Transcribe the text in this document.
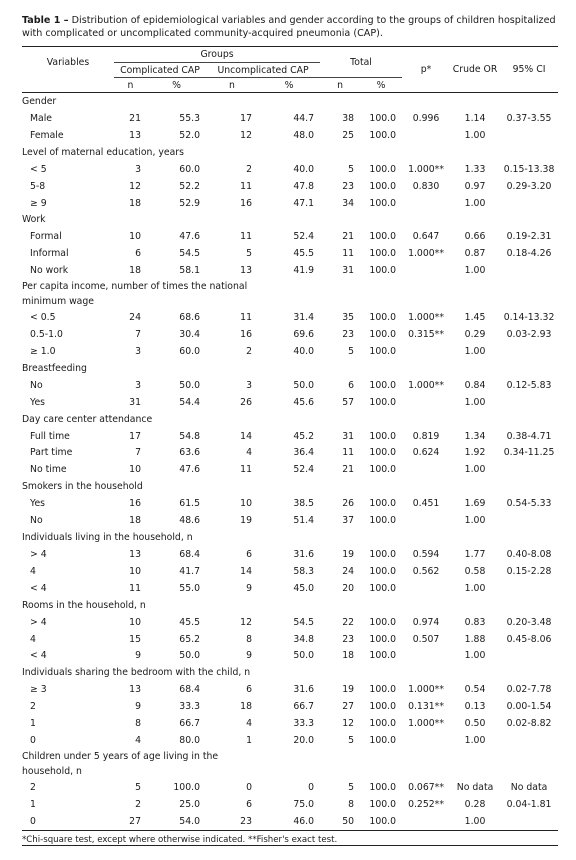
Table 1 – Distribution of epidemiological variables and gender according to the groups of children hospitalized with complicated or uncomplicated community-acquired pneumonia (CAP).

Variables	Groups				Total		p*	Crude OR	95% CI
	Complicated CAP		Uncomplicated CAP						
	n	%	n	%	n	%			
Gender									
Male	21	55.3	17	44.7	38	100.0	0.996	1.14	0.37-3.55
Female	13	52.0	12	48.0	25	100.0		1.00	
Level of maternal education, years									
< 5	3	60.0	2	40.0	5	100.0	1.000**	1.33	0.15-13.38
5-8	12	52.2	11	47.8	23	100.0	0.830	0.97	0.29-3.20
≥ 9	18	52.9	16	47.1	34	100.0		1.00	
Work									
Formal	10	47.6	11	52.4	21	100.0	0.647	0.66	0.19-2.31
Informal	6	54.5	5	45.5	11	100.0	1.000**	0.87	0.18-4.26
No work	18	58.1	13	41.9	31	100.0		1.00	
Per capita income, number of times the national minimum wage									
< 0.5	24	68.6	11	31.4	35	100.0	1.000**	1.45	0.14-13.32
0.5-1.0	7	30.4	16	69.6	23	100.0	0.315**	0.29	0.03-2.93
≥ 1.0	3	60.0	2	40.0	5	100.0		1.00	
Breastfeeding									
No	3	50.0	3	50.0	6	100.0	1.000**	0.84	0.12-5.83
Yes	31	54.4	26	45.6	57	100.0		1.00	
Day care center attendance									
Full time	17	54.8	14	45.2	31	100.0	0.819	1.34	0.38-4.71
Part time	7	63.6	4	36.4	11	100.0	0.624	1.92	0.34-11.25
No time	10	47.6	11	52.4	21	100.0		1.00	
Smokers in the household									
Yes	16	61.5	10	38.5	26	100.0	0.451	1.69	0.54-5.33
No	18	48.6	19	51.4	37	100.0		1.00	
Individuals living in the household, n									
> 4	13	68.4	6	31.6	19	100.0	0.594	1.77	0.40-8.08
4	10	41.7	14	58.3	24	100.0	0.562	0.58	0.15-2.28
< 4	11	55.0	9	45.0	20	100.0		1.00	
Rooms in the household, n									
> 4	10	45.5	12	54.5	22	100.0	0.974	0.83	0.20-3.48
4	15	65.2	8	34.8	23	100.0	0.507	1.88	0.45-8.06
< 4	9	50.0	9	50.0	18	100.0		1.00	
Individuals sharing the bedroom with the child, n									
≥ 3	13	68.4	6	31.6	19	100.0	1.000**	0.54	0.02-7.78
2	9	33.3	18	66.7	27	100.0	0.131**	0.13	0.00-1.54
1	8	66.7	4	33.3	12	100.0	1.000**	0.50	0.02-8.82
0	4	80.0	1	20.0	5	100.0		1.00	
Children under 5 years of age living in the household, n									
2	5	100.0	0	0	5	100.0	0.067**	No data	No data
1	2	25.0	6	75.0	8	100.0	0.252**	0.28	0.04-1.81
0	27	54.0	23	46.0	50	100.0		1.00	
*Chi-square test, except where otherwise indicated. **Fisher's exact test.									
